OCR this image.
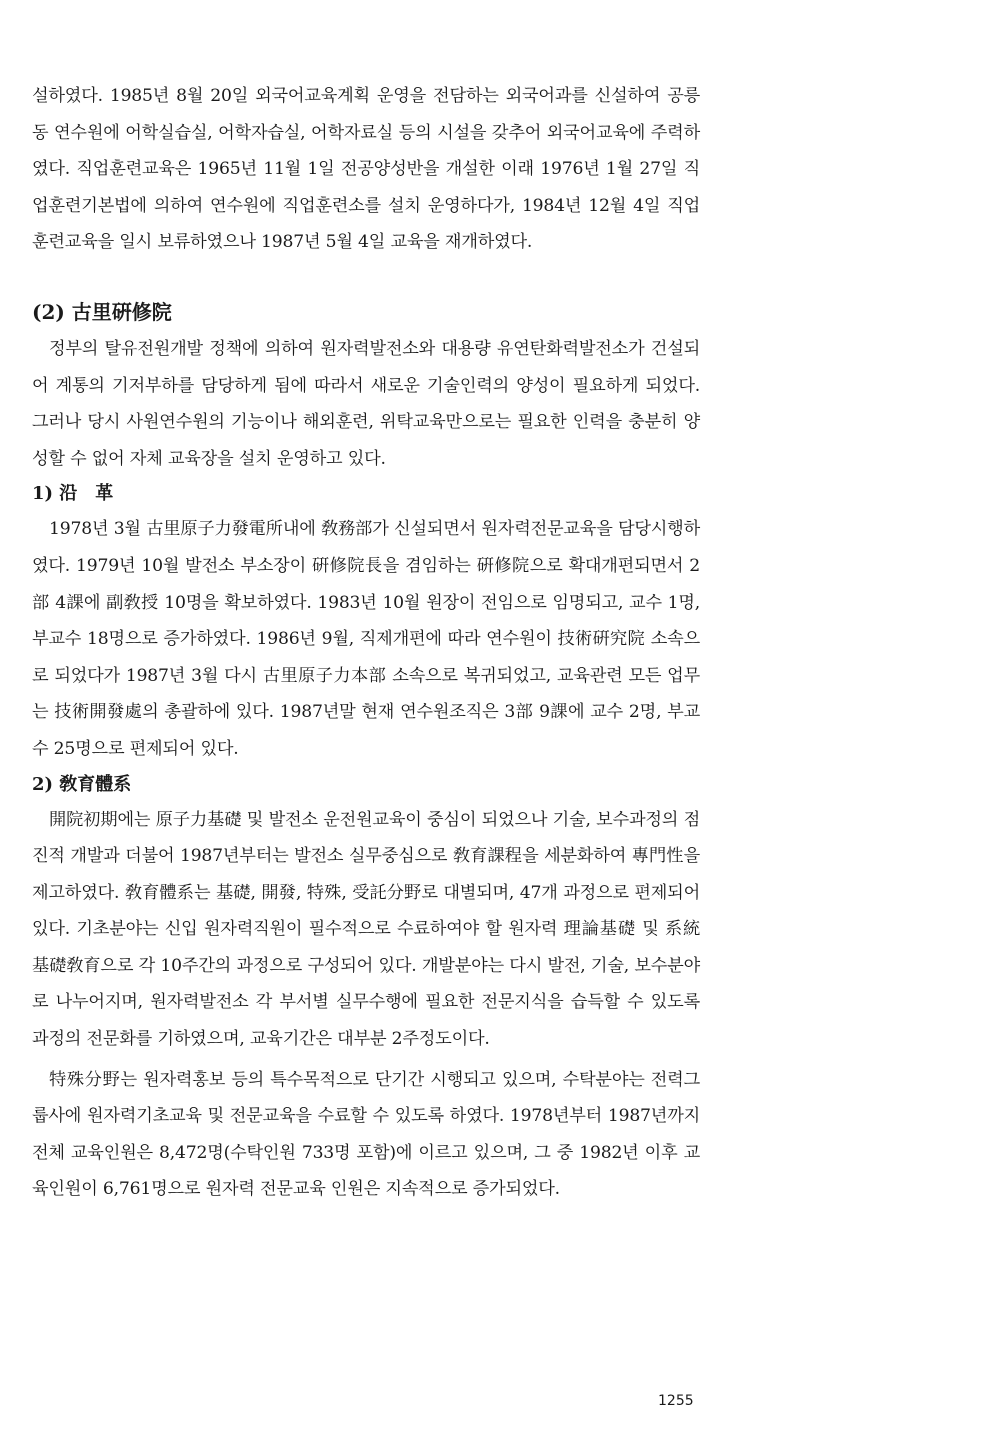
설하였다. 1985년 8월 20일 외국어교육계획 운영을 전담하는 외국어과를 신설하여 공릉동 연수원에 어학실습실, 어학자습실, 어학자료실 등의 시설을 갖추어 외국어교육에 주력하였다. 직업훈련교육은 1965년 11월 1일 전공양성반을 개설한 이래 1976년 1월 27일 직업훈련기본법에 의하여 연수원에 직업훈련소를 설치 운영하다가, 1984년 12월 4일 직업훈련교육을 일시 보류하였으나 1987년 5월 4일 교육을 재개하였다.

(2) 古里硏修院

정부의 탈유전원개발 정책에 의하여 원자력발전소와 대용량 유연탄화력발전소가 건설되어 계통의 기저부하를 담당하게 됨에 따라서 새로운 기술인력의 양성이 필요하게 되었다. 그러나 당시 사원연수원의 기능이나 해외훈련, 위탁교육만으로는 필요한 인력을 충분히 양성할 수 없어 자체 교육장을 설치 운영하고 있다.

1) 沿　革

1978년 3월 古里原子力發電所내에 敎務部가 신설되면서 원자력전문교육을 담당시행하였다. 1979년 10월 발전소 부소장이 硏修院長을 겸임하는 硏修院으로 확대개편되면서 2部 4課에 副敎授 10명을 확보하였다. 1983년 10월 원장이 전임으로 임명되고, 교수 1명, 부교수 18명으로 증가하였다. 1986년 9월, 직제개편에 따라 연수원이 技術硏究院 소속으로 되었다가 1987년 3월 다시 古里原子力本部 소속으로 복귀되었고, 교육관련 모든 업무는 技術開發處의 총괄하에 있다. 1987년말 현재 연수원조직은 3部 9課에 교수 2명, 부교수 25명으로 편제되어 있다.

2) 敎育體系

開院初期에는 原子力基礎 및 발전소 운전원교육이 중심이 되었으나 기술, 보수과정의 점진적 개발과 더불어 1987년부터는 발전소 실무중심으로 敎育課程을 세분화하여 專門性을 제고하였다. 敎育體系는 基礎, 開發, 特殊, 受託分野로 대별되며, 47개 과정으로 편제되어 있다. 기초분야는 신입 원자력직원이 필수적으로 수료하여야 할 원자력 理論基礎 및 系統基礎敎育으로 각 10주간의 과정으로 구성되어 있다. 개발분야는 다시 발전, 기술, 보수분야로 나누어지며, 원자력발전소 각 부서별 실무수행에 필요한 전문지식을 습득할 수 있도록 과정의 전문화를 기하였으며, 교육기간은 대부분 2주정도이다.

特殊分野는 원자력홍보 등의 특수목적으로 단기간 시행되고 있으며, 수탁분야는 전력그룹사에 원자력기초교육 및 전문교육을 수료할 수 있도록 하였다. 1978년부터 1987년까지 전체 교육인원은 8,472명(수탁인원 733명 포함)에 이르고 있으며, 그 중 1982년 이후 교육인원이 6,761명으로 원자력 전문교육 인원은 지속적으로 증가되었다.

1255
